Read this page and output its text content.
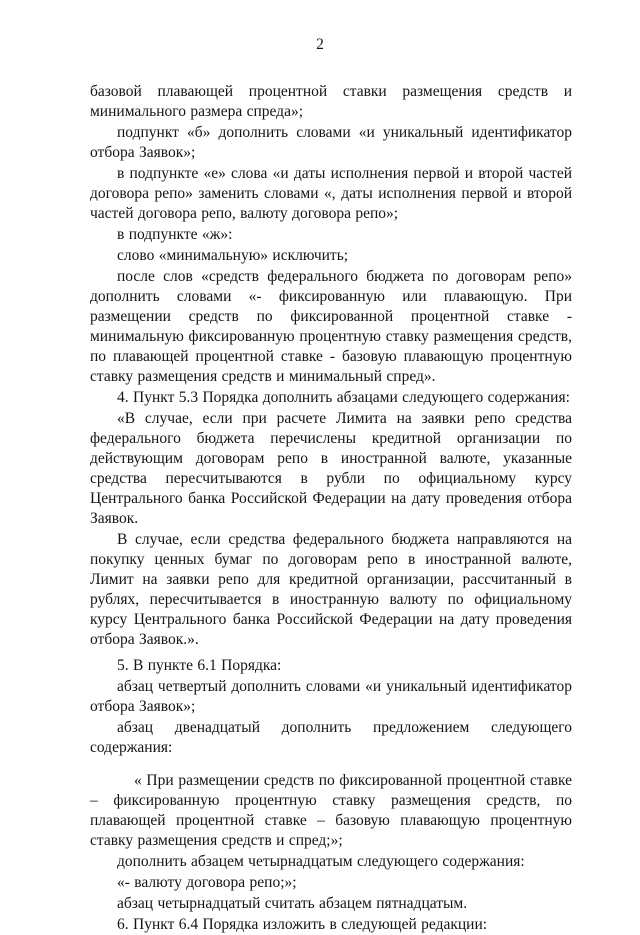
2

базовой плавающей процентной ставки размещения средств и минимального размера спреда»;

подпункт «б» дополнить словами «и уникальный идентификатор отбора Заявок»;

в подпункте «е» слова «и даты исполнения первой и второй частей договора репо» заменить словами «, даты исполнения первой и второй частей договора репо, валюту договора репо»;

в подпункте «ж»:

слово «минимальную» исключить;

после слов «средств федерального бюджета по договорам репо» дополнить словами «- фиксированную или плавающую. При размещении средств по фиксированной процентной ставке - минимальную фиксированную процентную ставку размещения средств, по плавающей процентной ставке - базовую плавающую процентную ставку размещения средств и минимальный спред».

4. Пункт 5.3 Порядка дополнить абзацами следующего содержания:

«В случае, если при расчете Лимита на заявки репо средства федерального бюджета перечислены кредитной организации по действующим договорам репо в иностранной валюте, указанные средства пересчитываются в рубли по официальному курсу Центрального банка Российской Федерации на дату проведения отбора Заявок.

В случае, если средства федерального бюджета направляются на покупку ценных бумаг по договорам репо в иностранной валюте, Лимит на заявки репо для кредитной организации, рассчитанный в рублях, пересчитывается в иностранную валюту по официальному курсу Центрального банка Российской Федерации на дату проведения отбора Заявок.».

5. В пункте 6.1 Порядка:

абзац четвертый дополнить словами «и уникальный идентификатор отбора Заявок»;

абзац двенадцатый дополнить предложением следующего содержания:

« При размещении средств по фиксированной процентной ставке – фиксированную процентную ставку размещения средств, по плавающей процентной ставке – базовую плавающую процентную ставку размещения средств и спред;»;

дополнить абзацем четырнадцатым следующего содержания:

«- валюту договора репо;»;

абзац четырнадцатый считать абзацем пятнадцатым.

6. Пункт 6.4 Порядка изложить в следующей редакции:
